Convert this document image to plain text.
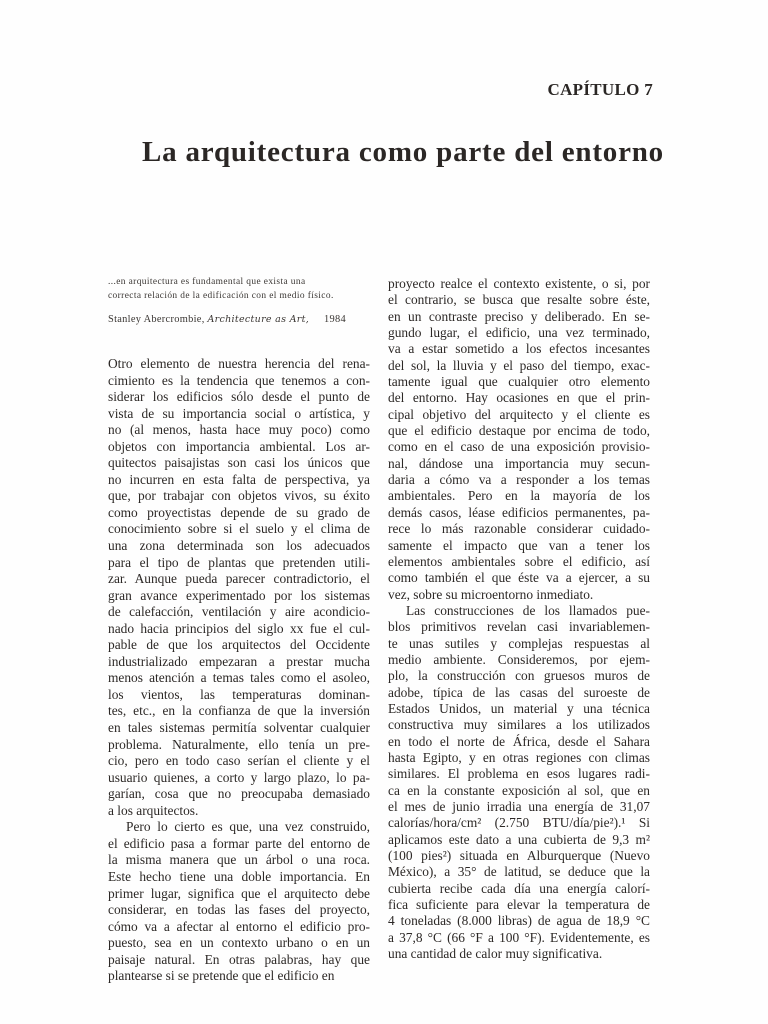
CAPÍTULO 7
La arquitectura como parte del entorno

...en arquitectura es fundamental que exista una

correcta relación de la edificación con el medio físico.

Stanley Abercrombie, Architecture as Art, 1984
Otro elemento de nuestra herencia del rena-
cimiento es la tendencia que tenemos a con-
siderar los edificios sólo desde el punto de
vista de su importancia social o artística, y
no (al menos, hasta hace muy poco) como
objetos con importancia ambiental. Los ar-
quitectos paisajistas son casi los únicos que
no incurren en esta falta de perspectiva, ya
que, por trabajar con objetos vivos, su éxito
como proyectistas depende de su grado de
conocimiento sobre si el suelo y el clima de
una zona determinada son los adecuados
para el tipo de plantas que pretenden utili-
zar. Aunque pueda parecer contradictorio, el
gran avance experimentado por los sistemas
de calefacción, ventilación y aire acondicio-
nado hacia principios del siglo xx fue el cul-
pable de que los arquitectos del Occidente
industrializado empezaran a prestar mucha
menos atención a temas tales como el asoleo,
los vientos, las temperaturas dominan-
tes, etc., en la confianza de que la inversión
en tales sistemas permitía solventar cualquier
problema. Naturalmente, ello tenía un pre-
cio, pero en todo caso serían el cliente y el
usuario quienes, a corto y largo plazo, lo pa-
garían, cosa que no preocupaba demasiado
a los arquitectos.
Pero lo cierto es que, una vez construido,
el edificio pasa a formar parte del entorno de
la misma manera que un árbol o una roca.
Este hecho tiene una doble importancia. En
primer lugar, significa que el arquitecto debe
considerar, en todas las fases del proyecto,
cómo va a afectar al entorno el edificio pro-
puesto, sea en un contexto urbano o en un
paisaje natural. En otras palabras, hay que
plantearse si se pretende que el edificio en
proyecto realce el contexto existente, o si, por
el contrario, se busca que resalte sobre éste,
en un contraste preciso y deliberado. En se-
gundo lugar, el edificio, una vez terminado,
va a estar sometido a los efectos incesantes
del sol, la lluvia y el paso del tiempo, exac-
tamente igual que cualquier otro elemento
del entorno. Hay ocasiones en que el prin-
cipal objetivo del arquitecto y el cliente es
que el edificio destaque por encima de todo,
como en el caso de una exposición provisio-
nal, dándose una importancia muy secun-
daria a cómo va a responder a los temas
ambientales. Pero en la mayoría de los
demás casos, léase edificios permanentes, pa-
rece lo más razonable considerar cuidado-
samente el impacto que van a tener los
elementos ambientales sobre el edificio, así
como también el que éste va a ejercer, a su
vez, sobre su microentorno inmediato.
Las construcciones de los llamados pue-
blos primitivos revelan casi invariablemen-
te unas sutiles y complejas respuestas al
medio ambiente. Consideremos, por ejem-
plo, la construcción con gruesos muros de
adobe, típica de las casas del suroeste de
Estados Unidos, un material y una técnica
constructiva muy similares a los utilizados
en todo el norte de África, desde el Sahara
hasta Egipto, y en otras regiones con climas
similares. El problema en esos lugares radi-
ca en la constante exposición al sol, que en
el mes de junio irradia una energía de 31,07
calorías/hora/cm² (2.750 BTU/día/pie²).¹ Si
aplicamos este dato a una cubierta de 9,3 m²
(100 pies²) situada en Alburquerque (Nuevo
México), a 35° de latitud, se deduce que la
cubierta recibe cada día una energía calorí-
fica suficiente para elevar la temperatura de
4 toneladas (8.000 libras) de agua de 18,9 °C
a 37,8 °C (66 °F a 100 °F). Evidentemente, es
una cantidad de calor muy significativa.
